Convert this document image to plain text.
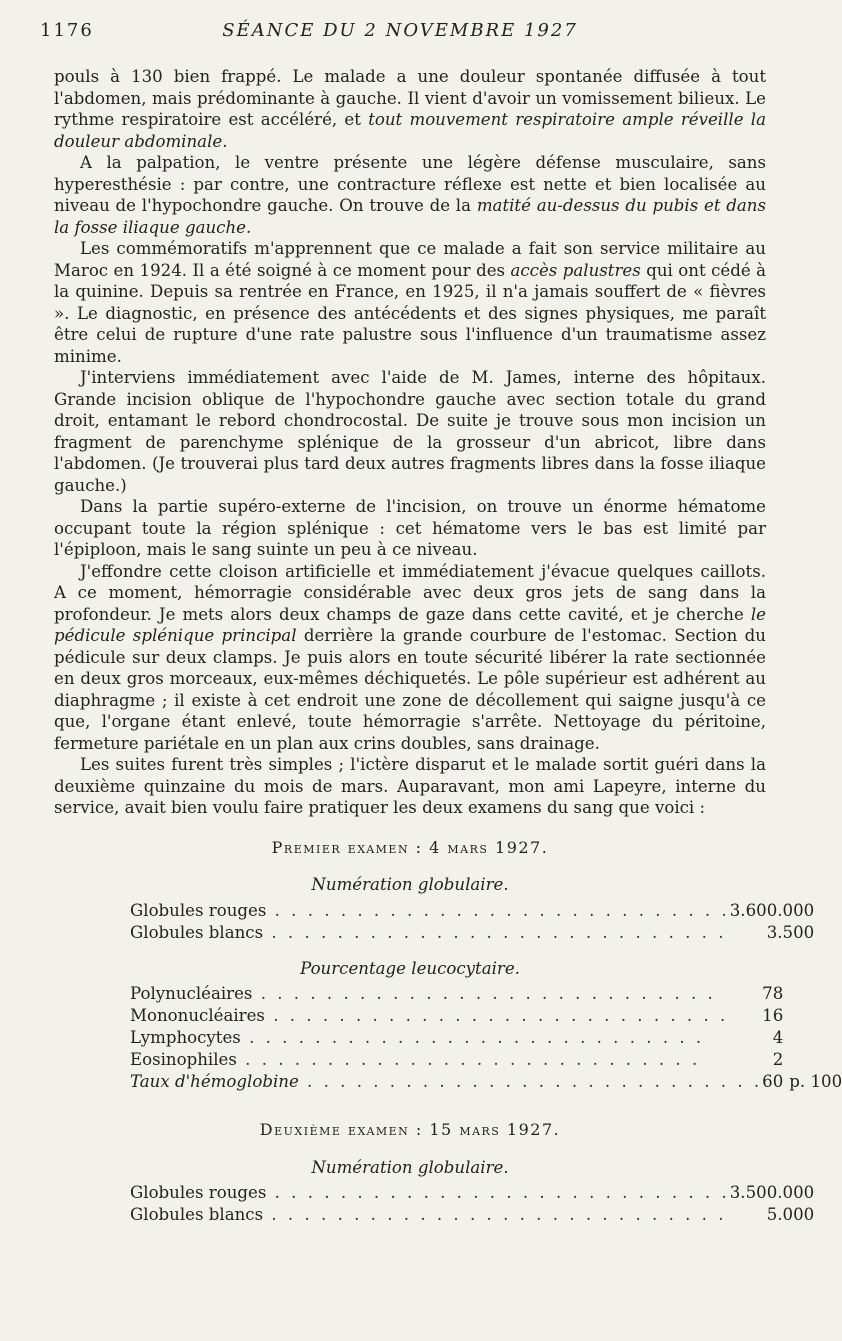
1176	SÉANCE DU 2 NOVEMBRE 1927

pouls à 130 bien frappé. Le malade a une douleur spontanée diffusée à tout l'abdomen, mais prédominante à gauche. Il vient d'avoir un vomissement bilieux. Le rythme respiratoire est accéléré, et tout mouvement respiratoire ample réveille la douleur abdominale.

A la palpation, le ventre présente une légère défense musculaire, sans hyperesthésie : par contre, une contracture réflexe est nette et bien localisée au niveau de l'hypochondre gauche. On trouve de la matité au-dessus du pubis et dans la fosse iliaque gauche.

Les commémoratifs m'apprennent que ce malade a fait son service militaire au Maroc en 1924. Il a été soigné à ce moment pour des accès palustres qui ont cédé à la quinine. Depuis sa rentrée en France, en 1925, il n'a jamais souffert de « fièvres ». Le diagnostic, en présence des antécédents et des signes physiques, me paraît être celui de rupture d'une rate palustre sous l'influence d'un traumatisme assez minime.

J'interviens immédiatement avec l'aide de M. James, interne des hôpitaux. Grande incision oblique de l'hypochondre gauche avec section totale du grand droit, entamant le rebord chondrocostal. De suite je trouve sous mon incision un fragment de parenchyme splénique de la grosseur d'un abricot, libre dans l'abdomen. (Je trouverai plus tard deux autres fragments libres dans la fosse iliaque gauche.)

Dans la partie supéro-externe de l'incision, on trouve un énorme hématome occupant toute la région splénique : cet hématome vers le bas est limité par l'épiploon, mais le sang suinte un peu à ce niveau.

J'effondre cette cloison artificielle et immédiatement j'évacue quelques caillots. A ce moment, hémorragie considérable avec deux gros jets de sang dans la profondeur. Je mets alors deux champs de gaze dans cette cavité, et je cherche le pédicule splénique principal derrière la grande courbure de l'estomac. Section du pédicule sur deux clamps. Je puis alors en toute sécurité libérer la rate sectionnée en deux gros morceaux, eux-mêmes déchiquetés. Le pôle supérieur est adhérent au diaphragme ; il existe à cet endroit une zone de décollement qui saigne jusqu'à ce que, l'organe étant enlevé, toute hémorragie s'arrête. Nettoyage du péritoine, fermeture pariétale en un plan aux crins doubles, sans drainage.

Les suites furent très simples ; l'ictère disparut et le malade sortit guéri dans la deuxième quinzaine du mois de mars. Auparavant, mon ami Lapeyre, interne du service, avait bien voulu faire pratiquer les deux examens du sang que voici :

Premier examen : 4 mars 1927.
Numération globulaire.
Globules rouges . . . . . . . . . . . . . . . . . . . . . . . . . . . .	3.600.000	
Globules blancs . . . . . . . . . . . . . . . . . . . . . . . . . . . .	3.500	
Pourcentage leucocytaire.
Polynucléaires . . . . . . . . . . . . . . . . . . . . . . . . . . . .	78	
Mononucléaires . . . . . . . . . . . . . . . . . . . . . . . . . . . .	16	
Lymphocytes . . . . . . . . . . . . . . . . . . . . . . . . . . . .	4	
Eosinophiles . . . . . . . . . . . . . . . . . . . . . . . . . . . .	2	
Taux d'hémoglobine . . . . . . . . . . . . . . . . . . . . . . . . . . . .	60	p. 100
Deuxième examen : 15 mars 1927.
Numération globulaire.
Globules rouges . . . . . . . . . . . . . . . . . . . . . . . . . . . .	3.500.000	
Globules blancs . . . . . . . . . . . . . . . . . . . . . . . . . . . .	5.000	
